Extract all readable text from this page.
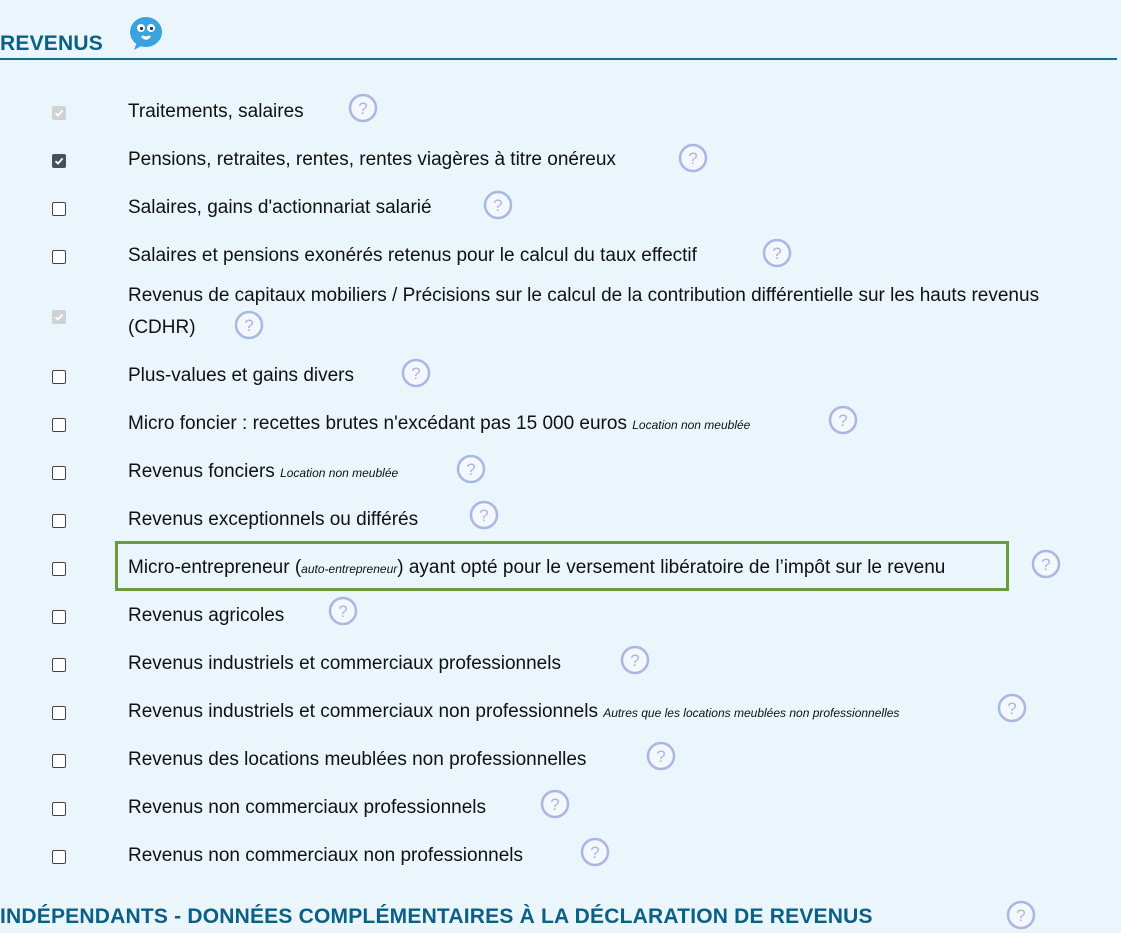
REVENUS
Traitements, salaires	?
Pensions, retraites, rentes, rentes viagères à titre onéreux	?
Salaires, gains d'actionnariat salarié	?
Salaires et pensions exonérés retenus pour le calcul du taux effectif	?
Revenus de capitaux mobiliers / Précisions sur le calcul de la contribution différentielle sur les hauts revenus (CDHR)	?
Plus-values et gains divers	?
Micro foncier : recettes brutes n'excédant pas 15 000 euros Location non meublée	?
Revenus fonciers Location non meublée	?
Revenus exceptionnels ou différés	?
Micro-entrepreneur (auto-entrepreneur) ayant opté pour le versement libératoire de l’impôt sur le revenu	?
Revenus agricoles	?
Revenus industriels et commerciaux professionnels	?
Revenus industriels et commerciaux non professionnels Autres que les locations meublées non professionnelles	?
Revenus des locations meublées non professionnelles	?
Revenus non commerciaux professionnels	?
Revenus non commerciaux non professionnels	?
INDÉPENDANTS - DONNÉES COMPLÉMENTAIRES À LA DÉCLARATION DE REVENUS	?
